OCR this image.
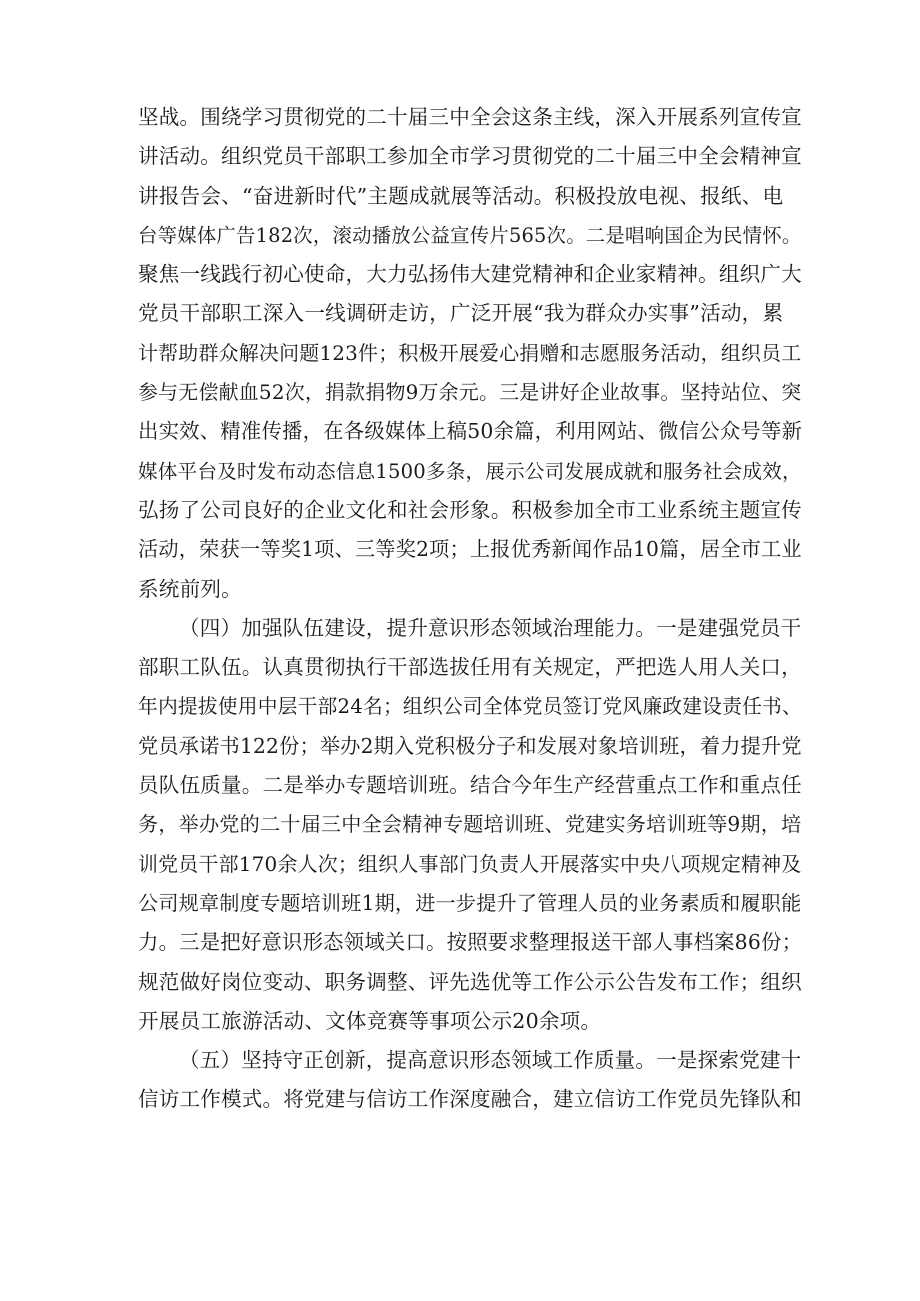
坚战。围绕学习贯彻党的二十届三中全会这条主线，深入开展系列宣传宣
讲活动。组织党员干部职工参加全市学习贯彻党的二十届三中全会精神宣
讲报告会、“奋进新时代”主题成就展等活动。积极投放电视、报纸、电
台等媒体广告182次，滚动播放公益宣传片565次。二是唱响国企为民情怀。
聚焦一线践行初心使命，大力弘扬伟大建党精神和企业家精神。组织广大
党员干部职工深入一线调研走访，广泛开展“我为群众办实事”活动，累
计帮助群众解决问题123件；积极开展爱心捐赠和志愿服务活动，组织员工
参与无偿献血52次，捐款捐物9万余元。三是讲好企业故事。坚持站位、突
出实效、精准传播，在各级媒体上稿50余篇，利用网站、微信公众号等新
媒体平台及时发布动态信息1500多条，展示公司发展成就和服务社会成效，
弘扬了公司良好的企业文化和社会形象。积极参加全市工业系统主题宣传
活动，荣获一等奖1项、三等奖2项；上报优秀新闻作品10篇，居全市工业
系统前列。
（四）加强队伍建设，提升意识形态领域治理能力。一是建强党员干
部职工队伍。认真贯彻执行干部选拔任用有关规定，严把选人用人关口，
年内提拔使用中层干部24名；组织公司全体党员签订党风廉政建设责任书、
党员承诺书122份；举办2期入党积极分子和发展对象培训班，着力提升党
员队伍质量。二是举办专题培训班。结合今年生产经营重点工作和重点任
务，举办党的二十届三中全会精神专题培训班、党建实务培训班等9期，培
训党员干部170余人次；组织人事部门负责人开展落实中央八项规定精神及
公司规章制度专题培训班1期，进一步提升了管理人员的业务素质和履职能
力。三是把好意识形态领域关口。按照要求整理报送干部人事档案86份；
规范做好岗位变动、职务调整、评先选优等工作公示公告发布工作；组织
开展员工旅游活动、文体竞赛等事项公示20余项。
（五）坚持守正创新，提高意识形态领域工作质量。一是探索党建十
信访工作模式。将党建与信访工作深度融合，建立信访工作党员先锋队和
